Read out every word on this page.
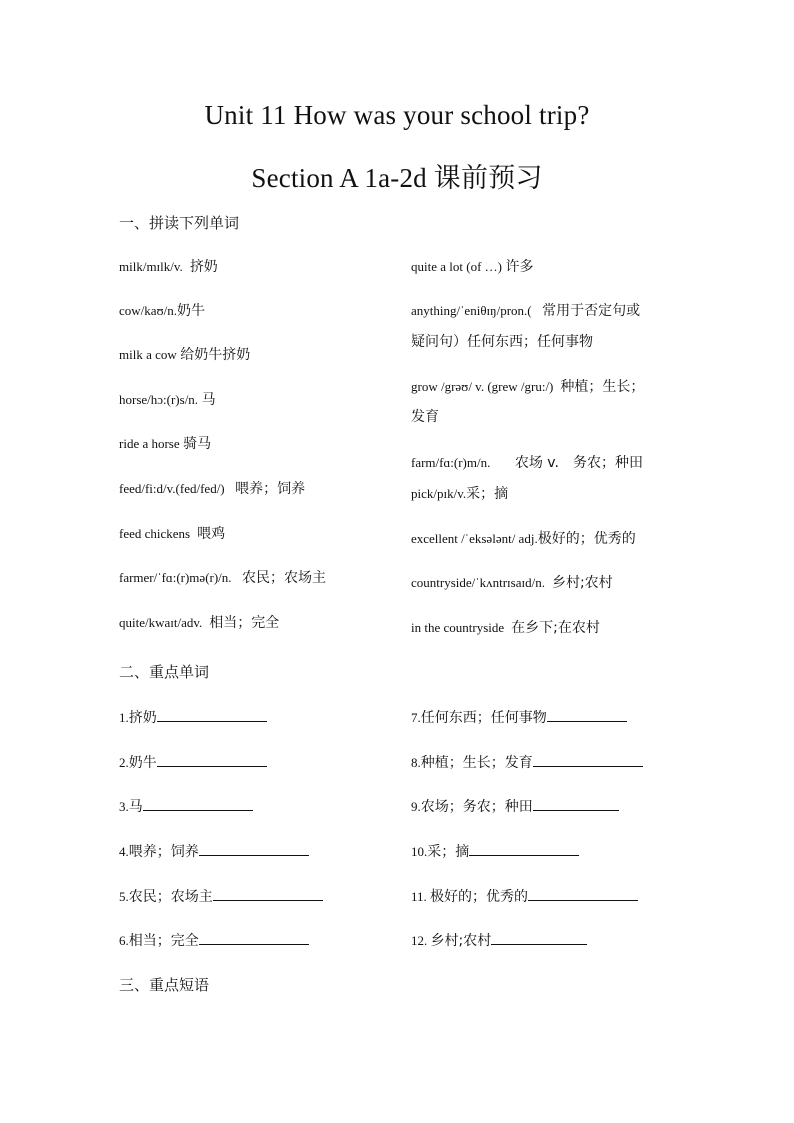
Unit 11 How was your school trip?
Section A 1a-2d 课前预习
一、拼读下列单词
milk/mɪlk/v. 挤奶
cow/kaʊ/n.奶牛
milk a cow 给奶牛挤奶
horse/hɔ:(r)s/n. 马
ride a horse 骑马
feed/fi:d/v.(fed/fed/) 喂养；饲养
feed chickens 喂鸡
farmer/ˈfɑ:(r)mə(r)/n. 农民；农场主
quite/kwaɪt/adv. 相当；完全
quite a lot (of …) 许多
anything/ˈeniθɪŋ/pron.( 常用于否定句或
疑问句）任何东西；任何事物
grow /grəʊ/ v. (grew /gru:/) 种植；生长；
发育
farm/fɑ:(r)m/n. 农场 v. 务农；种田
pick/pɪk/v.采；摘
excellent /ˈeksələnt/ adj.极好的；优秀的
countryside/ˈkʌntrɪsaɪd/n. 乡村;农村
in the countryside 在乡下;在农村
二、重点单词
1.挤奶
2.奶牛
3.马
4.喂养；饲养
5.农民；农场主
6.相当；完全
7.任何东西；任何事物
8.种植；生长；发育
9.农场；务农；种田
10.采；摘
11. 极好的；优秀的
12. 乡村;农村
三、重点短语
